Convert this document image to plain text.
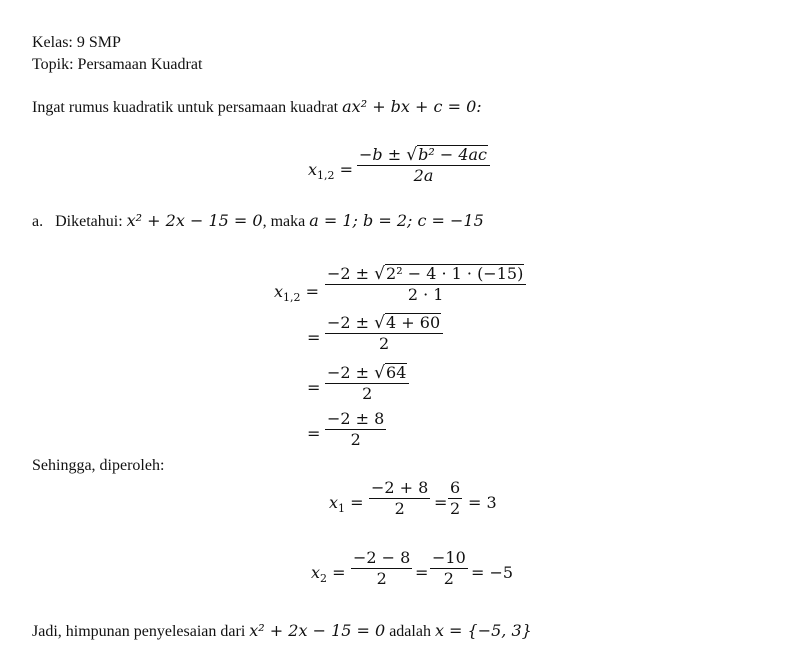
Kelas: 9 SMP
Topik: Persamaan Kuadrat
Ingat rumus kuadratik untuk persamaan kuadrat ax² + bx + c = 0:
$x_{1,2}$ =
−b ± √b² − 4ac
2a
a. Diketahui: x² + 2x − 15 = 0, maka a = 1; b = 2; c = −15
$x_{1,2}$ =
−2 ± √2² − 4 · 1 · (−15)
2 · 1
=
−2 ± √4 + 60
2
=
−2 ± √64
2
=
−2 ± 8
2
Sehingga, diperoleh:
$x_1$ =
−2 + 8
2 =
6
2 = 3
$x_2$ =
−2 − 8
2 =
−10
2 = −5
Jadi, himpunan penyelesaian dari x² + 2x − 15 = 0 adalah x = {−5, 3}
